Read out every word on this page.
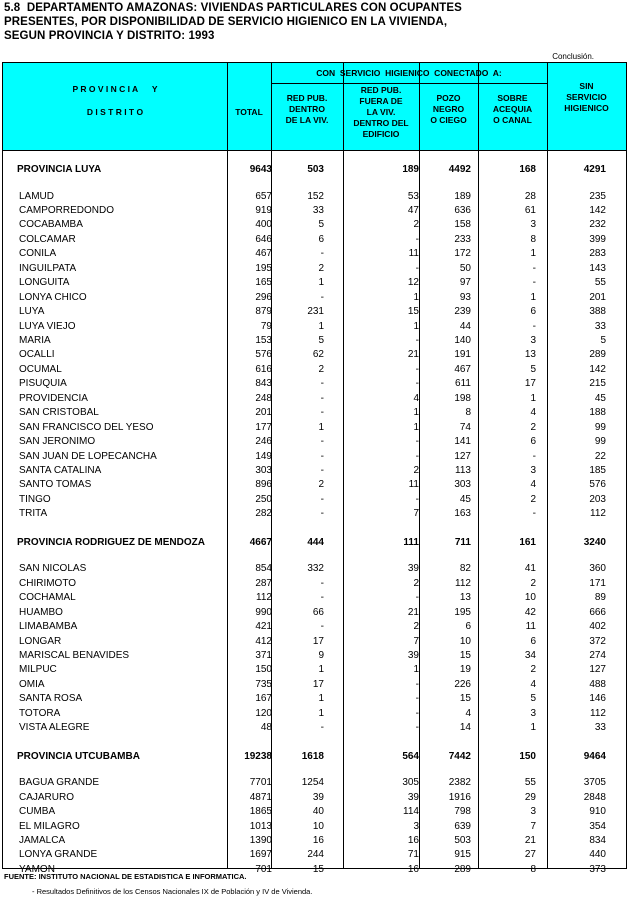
5.8  DEPARTAMENTO AMAZONAS: VIVIENDAS PARTICULARES CON OCUPANTES
PRESENTES, POR DISPONIBILIDAD DE SERVICIO HIGIENICO EN LA VIVIENDA,
SEGUN PROVINCIA Y DISTRITO: 1993
Conclusión.
P R O V I N C I A      Y
D I S T R I T O	TOTAL
CON  SERVICIO  HIGIENICO  CONECTADO  A:
RED PUB.
DENTRO
DE LA VIV.
RED PUB.
FUERA DE
LA VIV.
DENTRO DEL
EDIFICIO
POZO
NEGRO
O CIEGO
SOBRE
ACEQUIA
O CANAL
SIN
SERVICIO
HIGIENICO
PROVINCIA LUYA	9643	503	189	4492	168	4291
LAMUD	657	152	53	189	28	235
CAMPORREDONDO	919	33	47	636	61	142
COCABAMBA	400	5	2	158	3	232
COLCAMAR	646	6	-	233	8	399
CONILA	467	-	11	172	1	283
INGUILPATA	195	2	-	50	-	143
LONGUITA	165	1	12	97	-	55
LONYA CHICO	296	-	1	93	1	201
LUYA	879	231	15	239	6	388
LUYA VIEJO	79	1	1	44	-	33
MARIA	153	5	-	140	3	5
OCALLI	576	62	21	191	13	289
OCUMAL	616	2	-	467	5	142
PISUQUIA	843	-	-	611	17	215
PROVIDENCIA	248	-	4	198	1	45
SAN CRISTOBAL	201	-	1	8	4	188
SAN FRANCISCO DEL YESO	177	1	1	74	2	99
SAN JERONIMO	246	-	-	141	6	99
SAN JUAN DE LOPECANCHA	149	-	-	127	-	22
SANTA CATALINA	303	-	2	113	3	185
SANTO TOMAS	896	2	11	303	4	576
TINGO	250	-	-	45	2	203
TRITA	282	-	7	163	-	112
PROVINCIA RODRIGUEZ DE MENDOZA	4667	444	111	711	161	3240
SAN NICOLAS	854	332	39	82	41	360
CHIRIMOTO	287	-	2	112	2	171
COCHAMAL	112	-	-	13	10	89
HUAMBO	990	66	21	195	42	666
LIMABAMBA	421	-	2	6	11	402
LONGAR	412	17	7	10	6	372
MARISCAL BENAVIDES	371	9	39	15	34	274
MILPUC	150	1	1	19	2	127
OMIA	735	17	-	226	4	488
SANTA ROSA	167	1	-	15	5	146
TOTORA	120	1	-	4	3	112
VISTA ALEGRE	48	-	-	14	1	33
PROVINCIA UTCUBAMBA	19238	1618	564	7442	150	9464
BAGUA GRANDE	7701	1254	305	2382	55	3705
CAJARURO	4871	39	39	1916	29	2848
CUMBA	1865	40	114	798	3	910
EL MILAGRO	1013	10	3	639	7	354
JAMALCA	1390	16	16	503	21	834
LONYA GRANDE	1697	244	71	915	27	440
YAMON	701	15	16	289	8	373
FUENTE: INSTITUTO NACIONAL DE ESTADISTICA E INFORMATICA.
- Resultados Definitivos de los Censos Nacionales IX de Población y IV de Vivienda.
